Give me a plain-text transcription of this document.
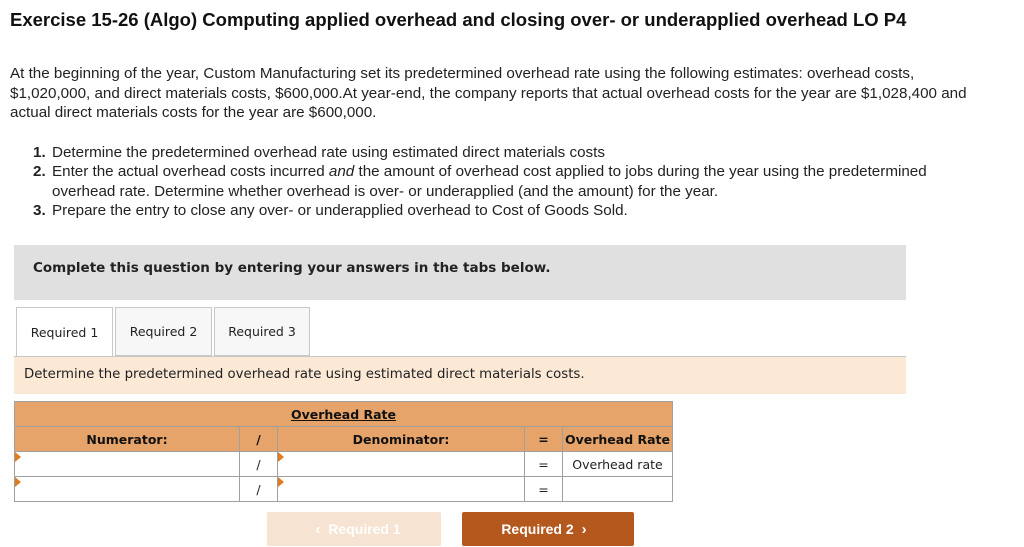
Exercise 15-26 (Algo) Computing applied overhead and closing over- or underapplied overhead LO P4
At the beginning of the year, Custom Manufacturing set its predetermined overhead rate using the following estimates: overhead costs, $1,020,000, and direct materials costs, $600,000.At year-end, the company reports that actual overhead costs for the year are $1,028,400 and actual direct materials costs for the year are $600,000.
1. Determine the predetermined overhead rate using estimated direct materials costs
2. Enter the actual overhead costs incurred and the amount of overhead cost applied to jobs during the year using the predetermined overhead rate. Determine whether overhead is over- or underapplied (and the amount) for the year.
3. Prepare the entry to close any over- or underapplied overhead to Cost of Goods Sold.
Complete this question by entering your answers in the tabs below.
Required 1	Required 2	Required 3
Determine the predetermined overhead rate using estimated direct materials costs.
Overhead Rate				
Numerator:	/	Denominator:	=	Overhead Rate

	/		=	Overhead rate

	/		=	
‹ Required 1	Required 2 ›
